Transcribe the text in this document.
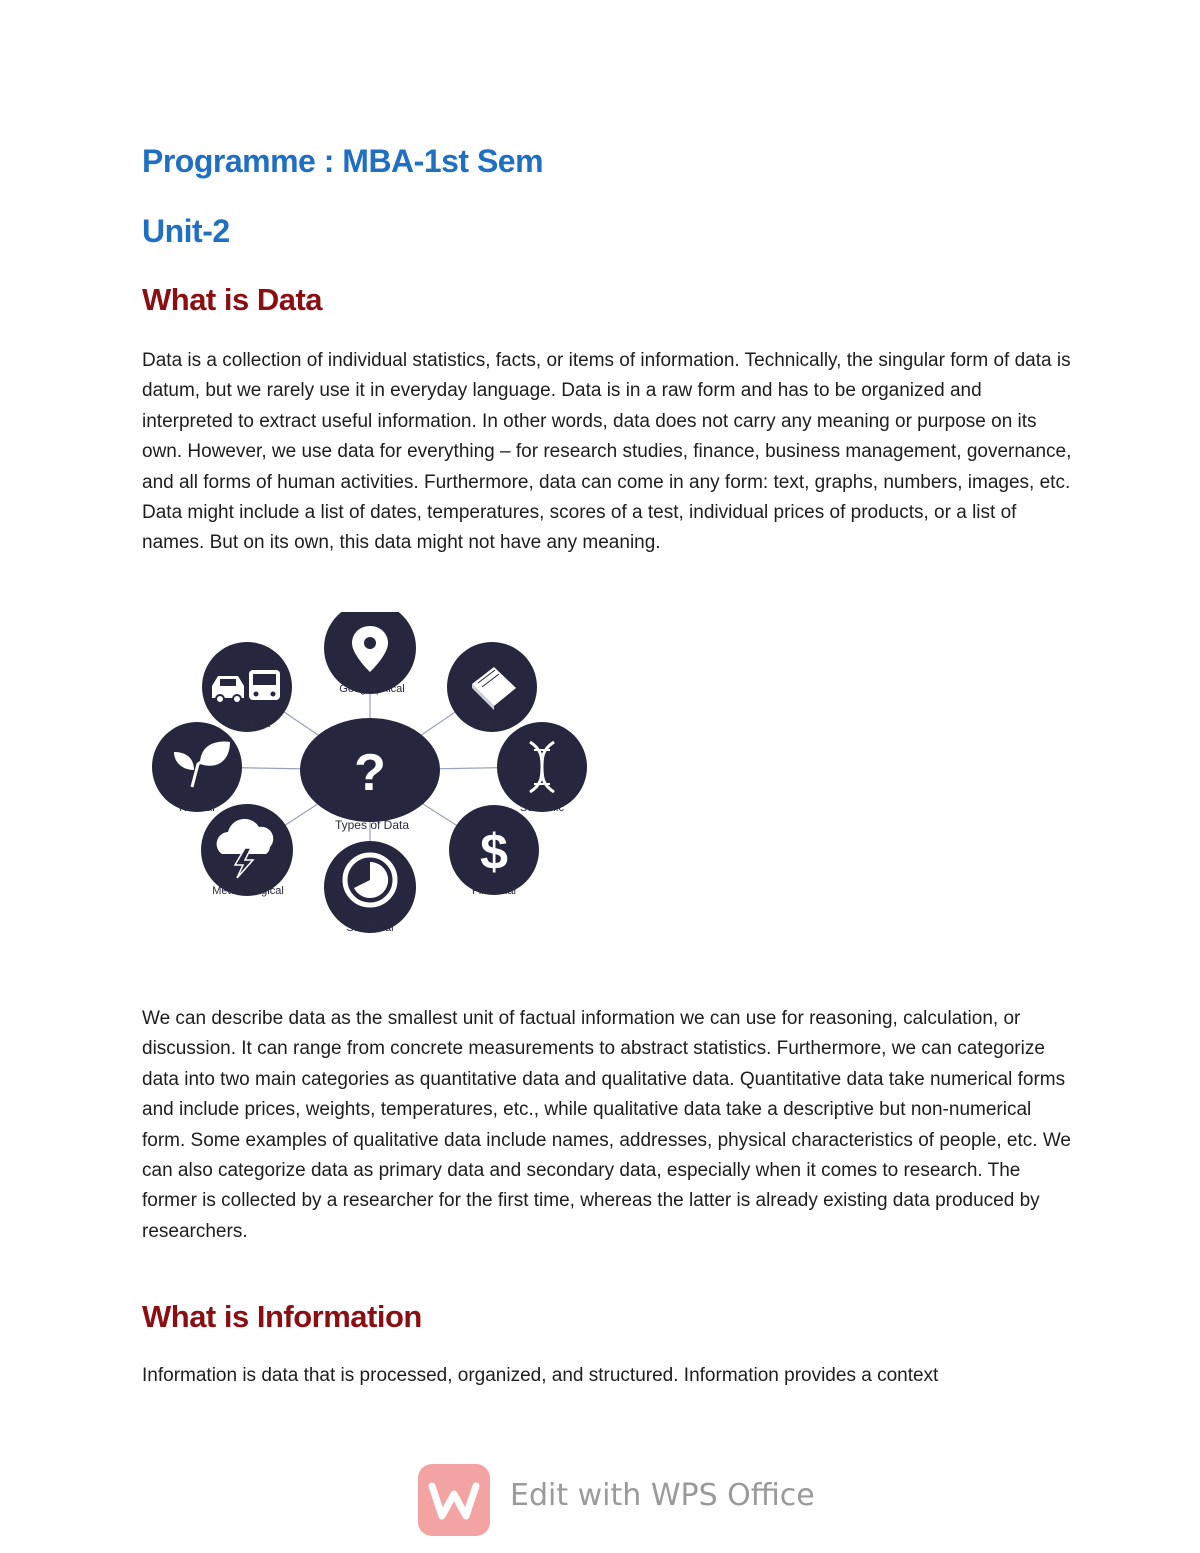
Programme : MBA-1st Sem
Unit-2
What is Data

Data is a collection of individual statistics, facts, or items of information. Technically, the singular form of data is datum, but we rarely use it in everyday language. Data is in a raw form and has to be organized and interpreted to extract useful information. In other words, data does not carry any meaning or purpose on its own. However, we use data for everything – for research studies, finance, business management, governance, and all forms of human activities. Furthermore, data can come in any form: text, graphs, numbers, images, etc. Data might include a list of dates, temperatures, scores of a test, individual prices of products, or a list of names. But on its own, this data might not have any meaning.

?
Types of Data
Geographical
Cultural
Scientific
$
Financial
Statistical
Meteorological
Natural
Transport

We can describe data as the smallest unit of factual information we can use for reasoning, calculation, or discussion. It can range from concrete measurements to abstract statistics. Furthermore, we can categorize data into two main categories as quantitative data and qualitative data. Quantitative data take numerical forms and include prices, weights, temperatures, etc., while qualitative data take a descriptive but non-numerical form. Some examples of qualitative data include names, addresses, physical characteristics of people, etc. We can also categorize data as primary data and secondary data, especially when it comes to research. The former is collected by a researcher for the first time, whereas the latter is already existing data produced by researchers.

What is Information

Information is data that is processed, organized, and structured. Information provides a context

Edit with WPS Office
